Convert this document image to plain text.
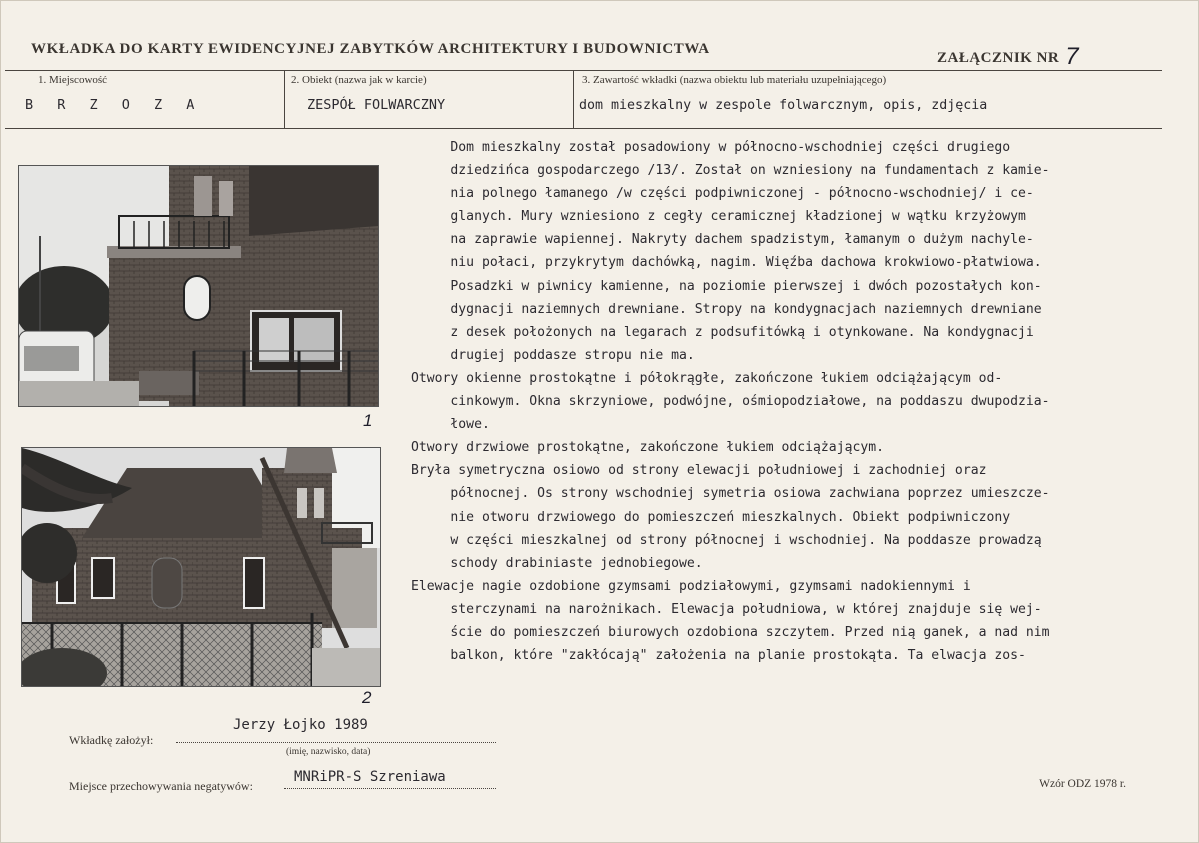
WKŁADKA DO KARTY EWIDENCYJNEJ ZABYTKÓW ARCHITEKTURY I BUDOWNICTWA
ZAŁĄCZNIK NR 7
1. Miejscowość
B R Z O Z A
2. Obiekt (nazwa jak w karcie)
ZESPÓŁ FOLWARCZNY
3. Zawartość wkładki (nazwa obiektu lub materiału uzupełniającego)
dom mieszkalny w zespole folwarcznym, opis, zdjęcia
1
2
Dom mieszkalny został posadowiony w północno-wschodniej części drugiego
dziedzińca gospodarczego /13/. Został on wzniesiony na fundamentach z kamie-
nia polnego łamanego /w części podpiwniczonej - północno-wschodniej/ i ce-
glanych. Mury wzniesiono z cegły ceramicznej kładzionej w wątku krzyżowym
na zaprawie wapiennej. Nakryty dachem spadzistym, łamanym o dużym nachyle-
niu połaci, przykrytym dachówką, nagim. Więźba dachowa krokwiowo-płatwiowa.
Posadzki w piwnicy kamienne, na poziomie pierwszej i dwóch pozostałych kon-
dygnacji naziemnych drewniane. Stropy na kondygnacjach naziemnych drewniane
z desek położonych na legarach z podsufitówką i otynkowane. Na kondygnacji
drugiej poddasze stropu nie ma.
Otwory okienne prostokątne i półokrągłe, zakończone łukiem odciążającym od-
cinkowym. Okna skrzyniowe, podwójne, ośmiopodziałowe, na poddaszu dwupodzia-
łowe.
Otwory drzwiowe prostokątne, zakończone łukiem odciążającym.
Bryła symetryczna osiowo od strony elewacji południowej i zachodniej oraz
północnej. Os strony wschodniej symetria osiowa zachwiana poprzez umieszcze-
nie otworu drzwiowego do pomieszczeń mieszkalnych. Obiekt podpiwniczony
w części mieszkalnej od strony północnej i wschodniej. Na poddasze prowadzą
schody drabiniaste jednobiegowe.
Elewacje nagie ozdobione gzymsami podziałowymi, gzymsami nadokiennymi i
sterczynami na narożnikach. Elewacja południowa, w której znajduje się wej-
ście do pomieszczeń biurowych ozdobiona szczytem. Przed nią ganek, a nad nim
balkon, które "zakłócają" założenia na planie prostokąta. Ta elwacja zos-
Wkładkę założył:
Jerzy Łojko 1989
(imię, nazwisko, data)
Miejsce przechowywania negatywów:
MNRiPR-S Szreniawa	Wzór ODZ 1978 r.
